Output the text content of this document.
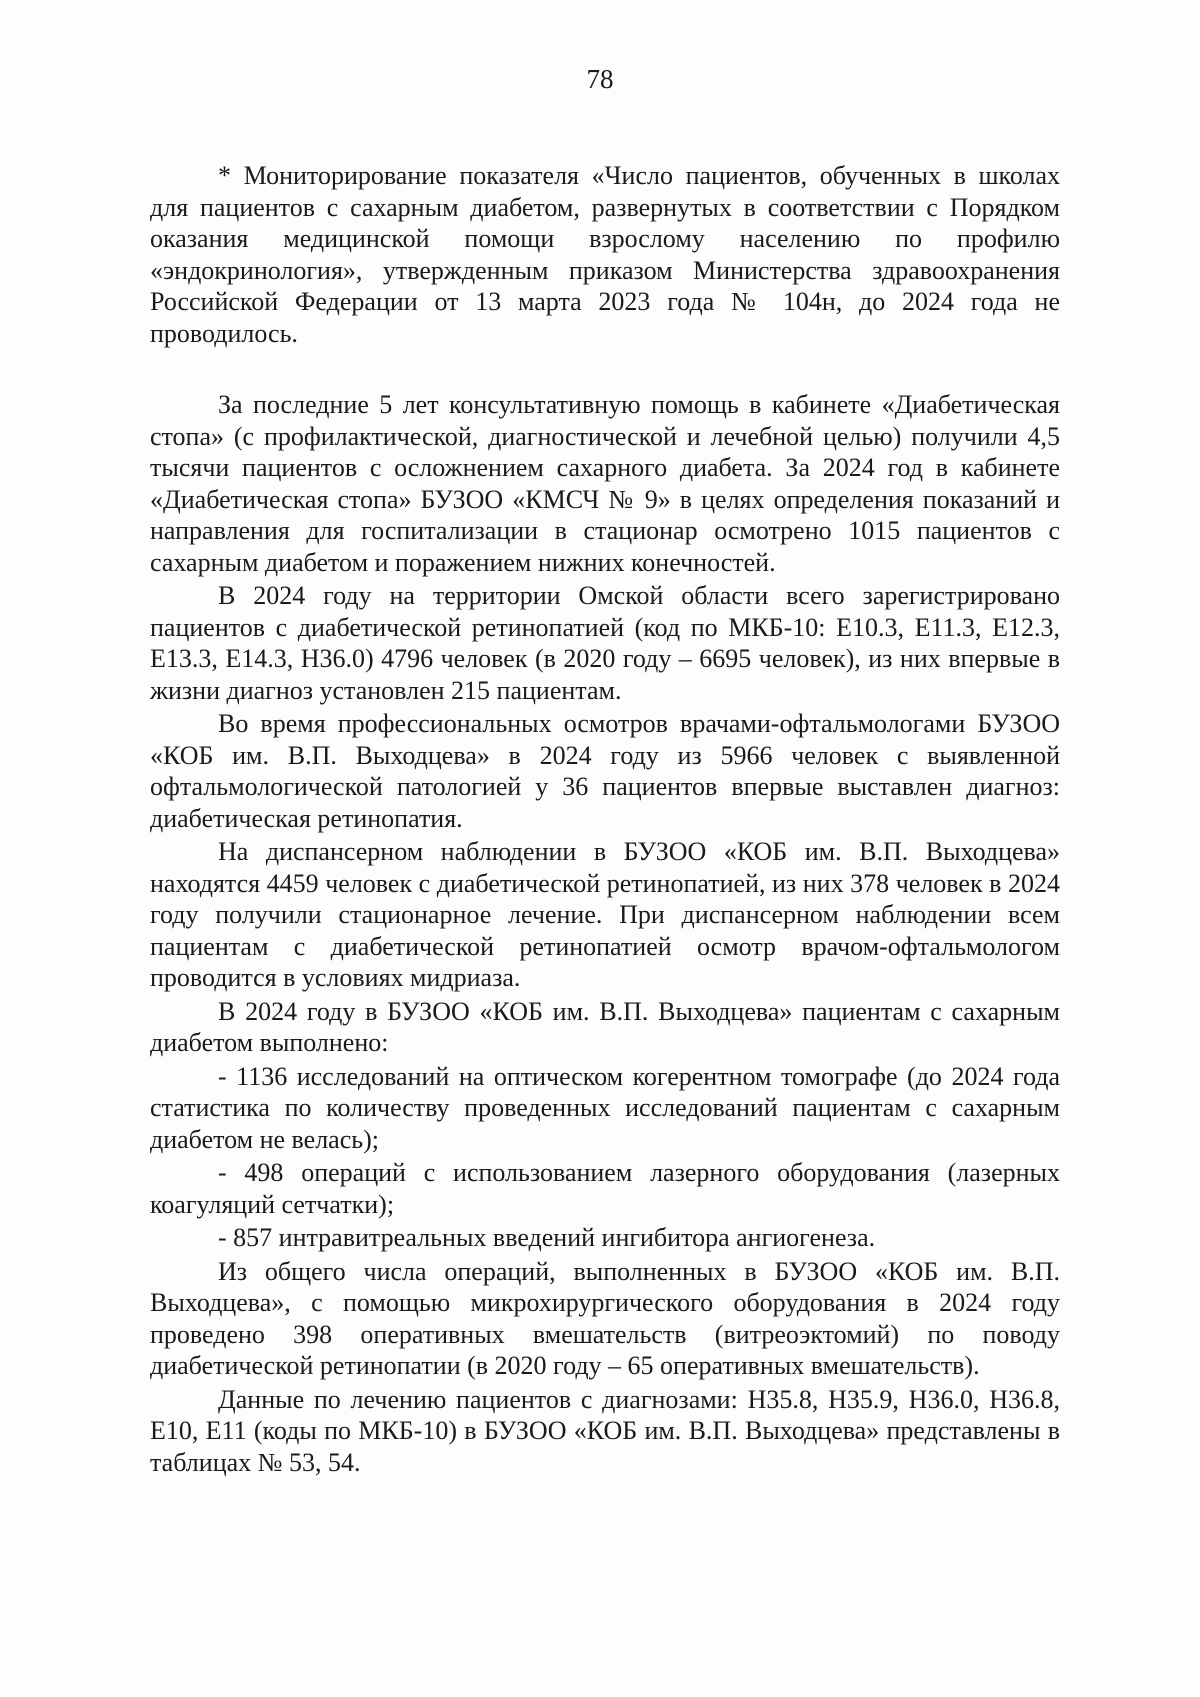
78

* Мониторирование показателя «Число пациентов, обученных в школах для пациентов с сахарным диабетом, развернутых в соответствии с Порядком оказания медицинской помощи взрослому населению по профилю «эндокринология», утвержденным приказом Министерства здравоохранения Российской Федерации от 13 марта 2023 года № 104н, до 2024 года не проводилось.

За последние 5 лет консультативную помощь в кабинете «Диабетическая стопа» (с профилактической, диагностической и лечебной целью) получили 4,5 тысячи пациентов с осложнением сахарного диабета. За 2024 год в кабинете «Диабетическая стопа» БУЗОО «КМСЧ № 9» в целях определения показаний и направления для госпитализации в стационар осмотрено 1015 пациентов с сахарным диабетом и поражением нижних конечностей.

В 2024 году на территории Омской области всего зарегистрировано пациентов с диабетической ретинопатией (код по МКБ-10: E10.3, E11.3, E12.3, E13.3, E14.3, H36.0) 4796 человек (в 2020 году – 6695 человек), из них впервые в жизни диагноз установлен 215 пациентам.

Во время профессиональных осмотров врачами-офтальмологами БУЗОО «КОБ им. В.П. Выходцева» в 2024 году из 5966 человек с выявленной офтальмологической патологией у 36 пациентов впервые выставлен диагноз: диабетическая ретинопатия.

На диспансерном наблюдении в БУЗОО «КОБ им. В.П. Выходцева» находятся 4459 человек с диабетической ретинопатией, из них 378 человек в 2024 году получили стационарное лечение. При диспансерном наблюдении всем пациентам с диабетической ретинопатией осмотр врачом-офтальмологом проводится в условиях мидриаза.

В 2024 году в БУЗОО «КОБ им. В.П. Выходцева» пациентам с сахарным диабетом выполнено:

- 1136 исследований на оптическом когерентном томографе (до 2024 года статистика по количеству проведенных исследований пациентам с сахарным диабетом не велась);

- 498 операций с использованием лазерного оборудования (лазерных коагуляций сетчатки);

- 857 интравитреальных введений ингибитора ангиогенеза.

Из общего числа операций, выполненных в БУЗОО «КОБ им. В.П. Выходцева», с помощью микрохирургического оборудования в 2024 году проведено 398 оперативных вмешательств (витреоэктомий) по поводу диабетической ретинопатии (в 2020 году – 65 оперативных вмешательств).

Данные по лечению пациентов с диагнозами: H35.8, H35.9, H36.0, H36.8, E10, E11 (коды по МКБ-10) в БУЗОО «КОБ им. В.П. Выходцева» представлены в таблицах № 53, 54.
